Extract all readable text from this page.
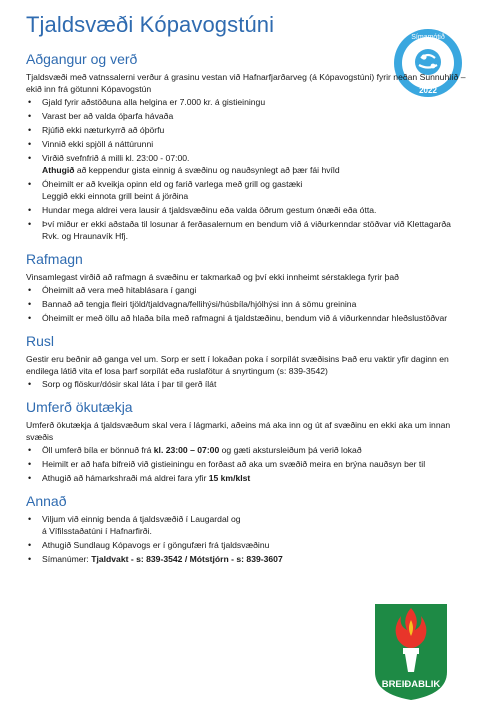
Tjaldsvæði Kópavogstúni
Símamótið
2022
Aðgangur og verð

Tjaldsvæði með vatnssalerni verður á grasinu vestan við Hafnarfjarðarveg (á Kópavogstúni) fyrir neðan Sunnuhlíð – ekið inn frá götunni Kópavogstún

• Gjald fyrir aðstöðuna alla helgina er 7.000 kr. á gistieiningu
• Varast ber að valda óþarfa hávaða
• Rjúfið ekki næturkyrrð að óþörfu
• Vinnið ekki spjöll á náttúrunni
• Virðið svefnfrið á milli kl. 23:00 - 07:00.
Athugið að keppendur gista einnig á svæðinu og nauðsynlegt að þær fái hvíld
• Óheimilt er að kveikja opinn eld og farið varlega með grill og gastæki
Leggið ekki einnota grill beint á jörðina
• Hundar mega aldrei vera lausir á tjaldsvæðinu eða valda öðrum gestum ónæði eða ótta.
• Því miður er ekki aðstaða til losunar á ferðasalernum en bendum við á viðurkenndar stöðvar við Klettagarða Rvk. og Hraunavík Hfj.
Rafmagn

Vinsamlegast virðið að rafmagn á svæðinu er takmarkað og því ekki innheimt sérstaklega fyrir það

• Óheimilt að vera með hitablásara í gangi
• Bannað að tengja fleiri tjöld/tjaldvagna/fellihýsi/húsbíla/hjólhýsi inn á sömu greinina
• Óheimilt er með öllu að hlaða bíla með rafmagni á tjaldstæðinu, bendum við á viðurkenndar hleðslustöðvar
Rusl

Gestir eru beðnir að ganga vel um. Sorp er sett í lokaðan poka í sorpílát svæðisins Það eru vaktir yfir daginn en endilega látið vita ef losa þarf sorpílát eða ruslafötur á snyrtingum (s: 839-3542)

• Sorp og flöskur/dósir skal láta í þar til gerð ílát
Umferð ökutækja

Umferð ökutækja á tjaldsvæðum skal vera í lágmarki, aðeins má aka inn og út af svæðinu en ekki aka um innan svæðis

• Öll umferð bíla er bönnuð frá kl. 23:00 – 07:00 og gæti akstursleiðum þá verið lokað
• Heimilt er að hafa bifreið við gistieiningu en forðast að aka um svæðið meira en brýna nauðsyn ber til
• Athugið að hámarkshraði má aldrei fara yfir 15 km/klst
Annað
• Viljum við einnig benda á tjaldsvæðið í Laugardal og
á Vífilsstaðatúni í Hafnarfirði.
• Athugið Sundlaug Kópavogs er í göngufæri frá tjaldsvæðinu
• Símanúmer: Tjaldvakt - s: 839-3542 / Mótstjórn - s: 839-3607
BREIÐABLIK
